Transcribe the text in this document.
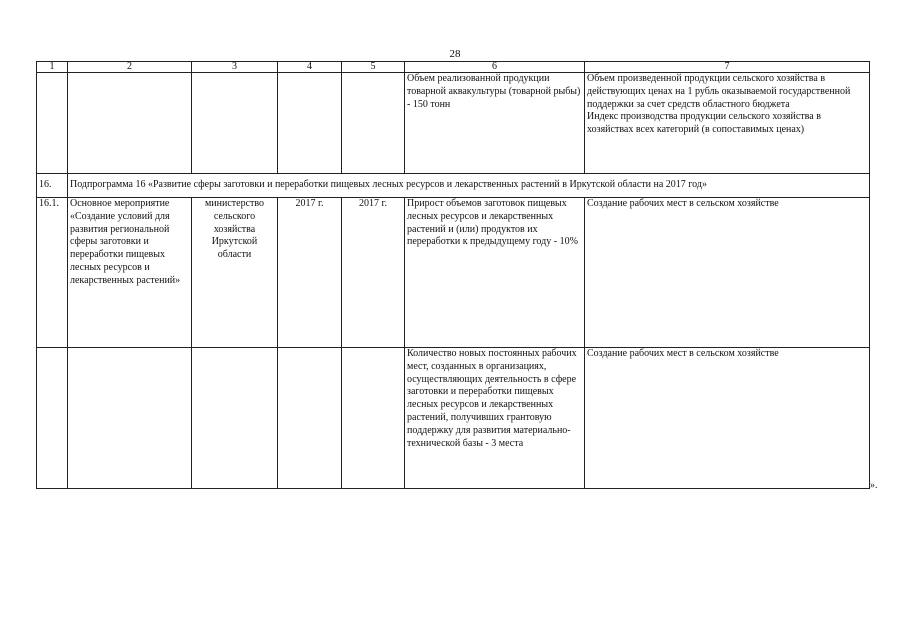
28
1	2	3	4	5	6	7
					Объем реализованной продукции товарной аквакультуры (товарной рыбы) - 150 тонн	Объем произведенной продукции сельского хозяйства в действующих ценах на 1 рубль оказываемой государственной поддержки за счет средств областного бюджета
Индекс производства продукции сельского хозяйства в хозяйствах всех категорий (в сопоставимых ценах)

16.	Подпрограмма 16 «Развитие сферы заготовки и переработки пищевых лесных ресурсов и лекарственных растений в Иркутской области на 2017 год»					
16.1.	Основное мероприятие «Создание условий для развития региональной сферы заготовки и переработки пищевых лесных ресурсов и лекарственных растений»	министерство сельского хозяйства Иркутской области	2017 г.	2017 г.	Прирост объемов заготовок пищевых лесных ресурсов и лекарственных растений и (или) продуктов их переработки к предыдущему году - 10%	Создание рабочих мест в сельском хозяйстве
					Количество новых постоянных рабочих мест, созданных в организациях, осуществляющих деятельность в сфере заготовки и переработки пищевых лесных ресурсов и лекарственных растений, получивших грантовую поддержку для развития материально-технической базы - 3 места	Создание рабочих мест в сельском хозяйстве
».
